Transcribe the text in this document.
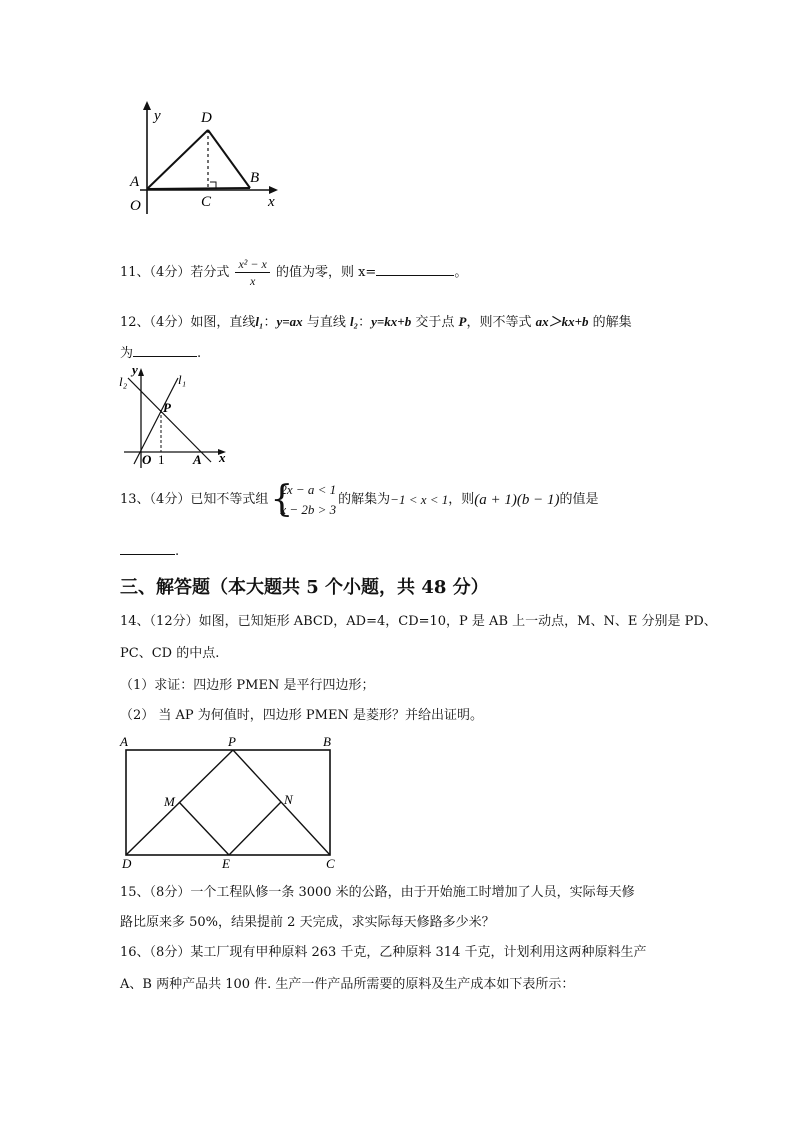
y	D
A	B
O	C	x
11、（4分）若分式 $\frac{\text{x² − x}}{x}$ 的值为零，则 x=	。
12、（4分）如图，直线l₁：y=ax 与直线 l₂：y=kx+b 交于点 P，则不等式 ax＞kx+b 的解集
为	.
l₂
y
l₁
P
O 1 A x
13、（4分）已知不等式组 {
2x − a < 1
x − 2b > 3
的解集为 −1 < x < 1 ，则 (a + 1)(b − 1) 的值是
.
三、解答题（本大题共 5 个小题，共 48 分）
14、（12分）如图，已知矩形 ABCD，AD=4，CD=10，P 是 AB 上一动点，M、N、E 分别是 PD、
PC、CD 的中点.
（1）求证：四边形 PMEN 是平行四边形；
（2） 当 AP 为何值时，四边形 PMEN 是菱形？并给出证明。
A	P	B
M	N
D	E	C
15、（8分）一个工程队修一条 3000 米的公路，由于开始施工时增加了人员，实际每天修
路比原来多 50%，结果提前 2 天完成，求实际每天修路多少米？
16、（8分）某工厂现有甲种原料 263 千克，乙种原料 314 千克，计划利用这两种原料生产
A、B 两种产品共 100 件. 生产一件产品所需要的原料及生产成本如下表所示：
